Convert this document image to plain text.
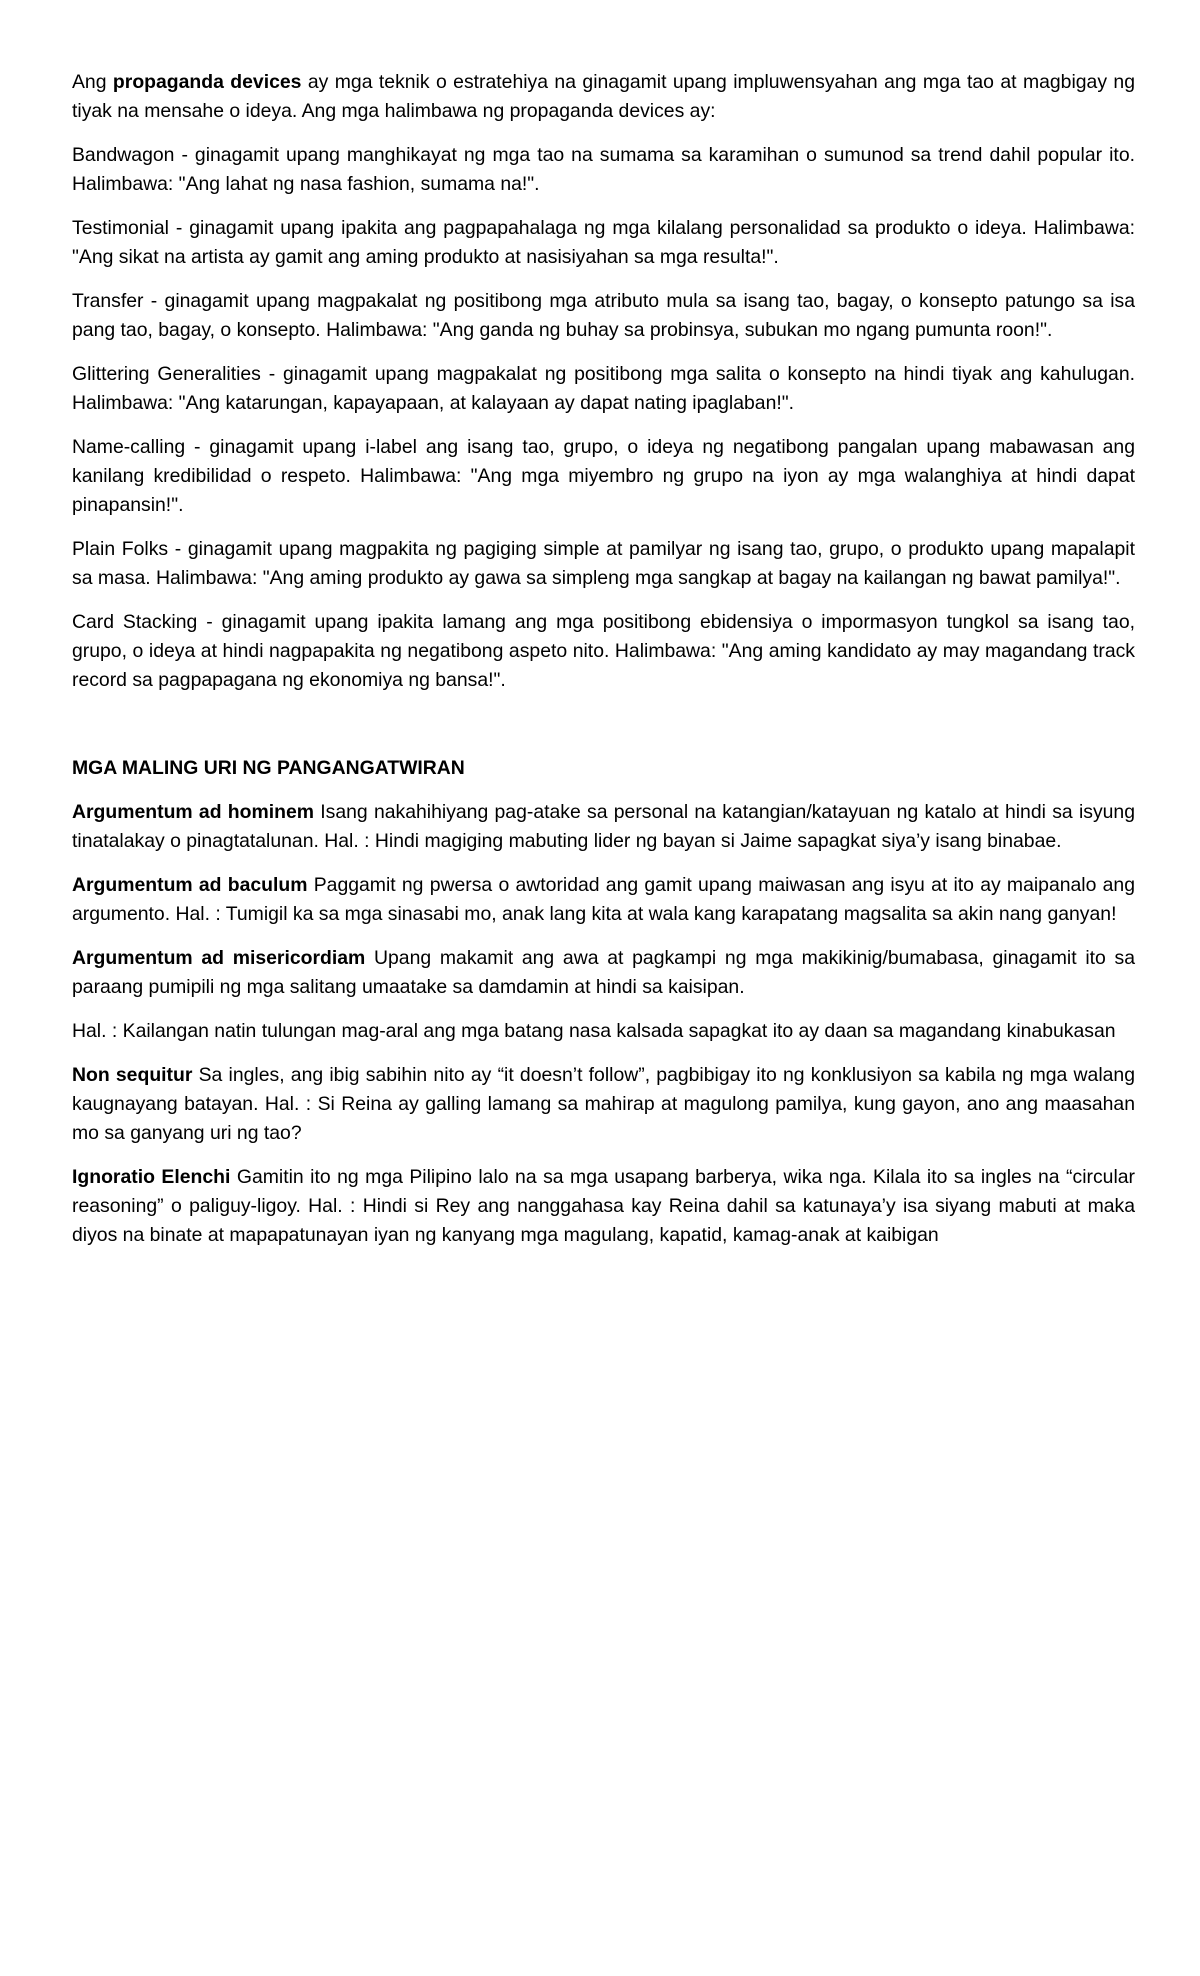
Ang propaganda devices ay mga teknik o estratehiya na ginagamit upang impluwensyahan ang mga tao at magbigay ng tiyak na mensahe o ideya. Ang mga halimbawa ng propaganda devices ay:

Bandwagon - ginagamit upang manghikayat ng mga tao na sumama sa karamihan o sumunod sa trend dahil popular ito. Halimbawa: "Ang lahat ng nasa fashion, sumama na!".

Testimonial - ginagamit upang ipakita ang pagpapahalaga ng mga kilalang personalidad sa produkto o ideya. Halimbawa: "Ang sikat na artista ay gamit ang aming produkto at nasisiyahan sa mga resulta!".

Transfer - ginagamit upang magpakalat ng positibong mga atributo mula sa isang tao, bagay, o konsepto patungo sa isa pang tao, bagay, o konsepto. Halimbawa: "Ang ganda ng buhay sa probinsya, subukan mo ngang pumunta roon!".

Glittering Generalities - ginagamit upang magpakalat ng positibong mga salita o konsepto na hindi tiyak ang kahulugan. Halimbawa: "Ang katarungan, kapayapaan, at kalayaan ay dapat nating ipaglaban!".

Name-calling - ginagamit upang i-label ang isang tao, grupo, o ideya ng negatibong pangalan upang mabawasan ang kanilang kredibilidad o respeto. Halimbawa: "Ang mga miyembro ng grupo na iyon ay mga walanghiya at hindi dapat pinapansin!".

Plain Folks - ginagamit upang magpakita ng pagiging simple at pamilyar ng isang tao, grupo, o produkto upang mapalapit sa masa. Halimbawa: "Ang aming produkto ay gawa sa simpleng mga sangkap at bagay na kailangan ng bawat pamilya!".

Card Stacking - ginagamit upang ipakita lamang ang mga positibong ebidensiya o impormasyon tungkol sa isang tao, grupo, o ideya at hindi nagpapakita ng negatibong aspeto nito. Halimbawa: "Ang aming kandidato ay may magandang track record sa pagpapagana ng ekonomiya ng bansa!".

MGA MALING URI NG PANGANGATWIRAN

Argumentum ad hominem Isang nakahihiyang pag-atake sa personal na katangian/katayuan ng katalo at hindi sa isyung tinatalakay o pinagtatalunan. Hal. : Hindi magiging mabuting lider ng bayan si Jaime sapagkat siya’y isang binabae.

Argumentum ad baculum Paggamit ng pwersa o awtoridad ang gamit upang maiwasan ang isyu at ito ay maipanalo ang argumento. Hal. : Tumigil ka sa mga sinasabi mo, anak lang kita at wala kang karapatang magsalita sa akin nang ganyan!

Argumentum ad misericordiam Upang makamit ang awa at pagkampi ng mga makikinig/bumabasa, ginagamit ito sa paraang pumipili ng mga salitang umaatake sa damdamin at hindi sa kaisipan.

Hal. : Kailangan natin tulungan mag-aral ang mga batang nasa kalsada sapagkat ito ay daan sa magandang kinabukasan

Non sequitur Sa ingles, ang ibig sabihin nito ay “it doesn’t follow”, pagbibigay ito ng konklusiyon sa kabila ng mga walang kaugnayang batayan. Hal. : Si Reina ay galling lamang sa mahirap at magulong pamilya, kung gayon, ano ang maasahan mo sa ganyang uri ng tao?

Ignoratio Elenchi Gamitin ito ng mga Pilipino lalo na sa mga usapang barberya, wika nga. Kilala ito sa ingles na “circular reasoning” o paliguy-ligoy. Hal. : Hindi si Rey ang nanggahasa kay Reina dahil sa katunaya’y isa siyang mabuti at maka diyos na binate at mapapatunayan iyan ng kanyang mga magulang, kapatid, kamag-anak at kaibigan
